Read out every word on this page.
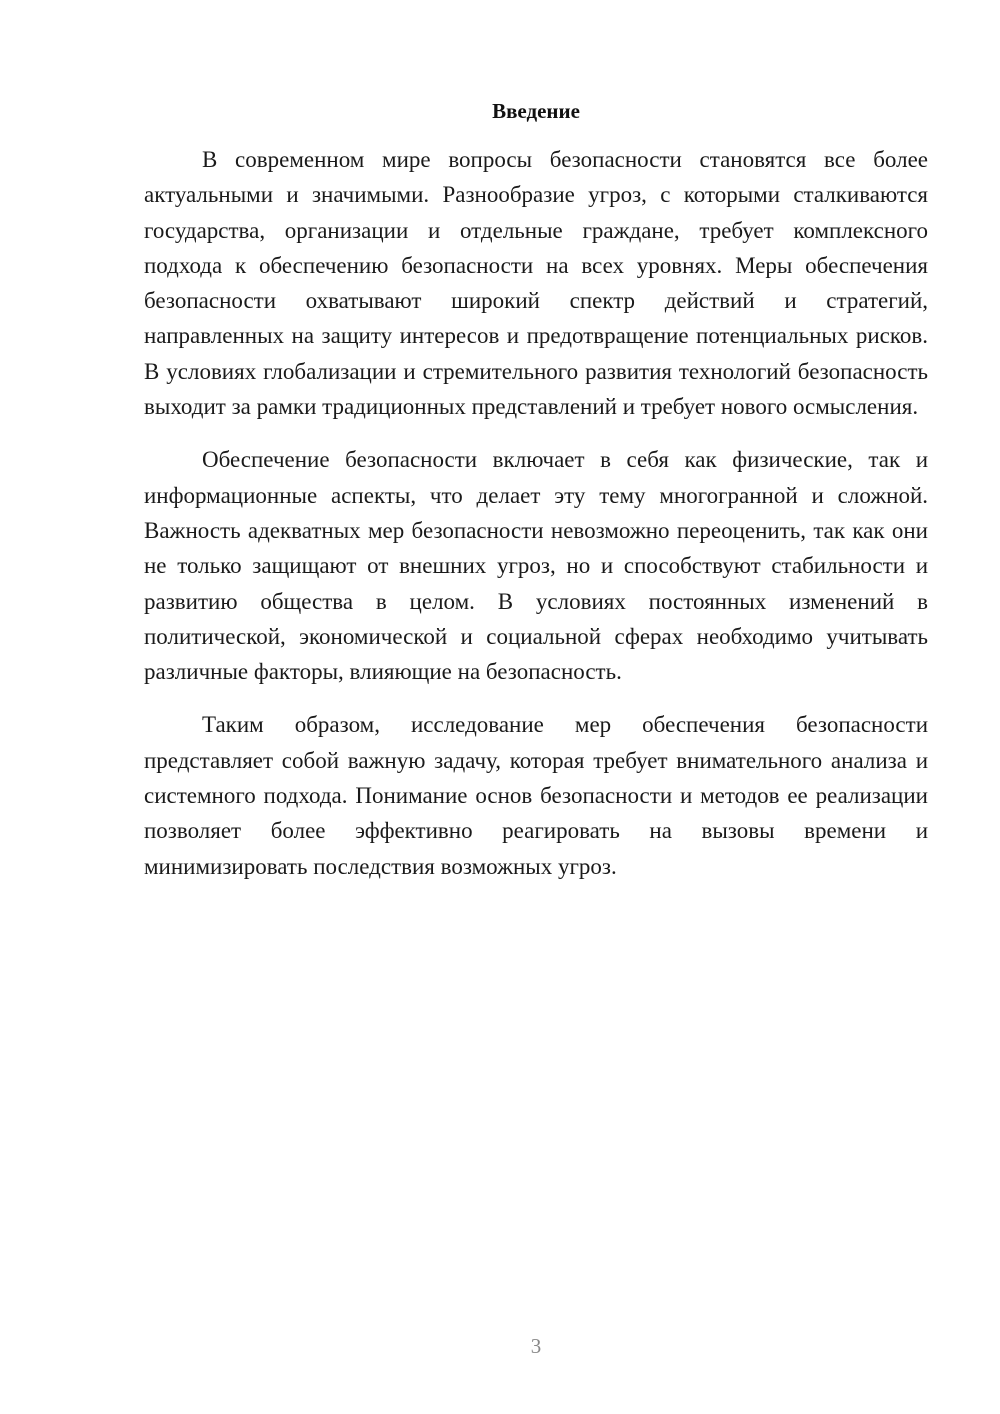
Введение

В современном мире вопросы безопасности становятся все более актуальными и значимыми. Разнообразие угроз, с которыми сталкиваются государства, организации и отдельные граждане, требует комплексного подхода к обеспечению безопасности на всех уровнях. Меры обеспечения безопасности охватывают широкий спектр действий и стратегий, направленных на защиту интересов и предотвращение потенциальных рисков. В условиях глобализации и стремительного развития технологий безопасность выходит за рамки традиционных представлений и требует нового осмысления.

Обеспечение безопасности включает в себя как физические, так и информационные аспекты, что делает эту тему многогранной и сложной. Важность адекватных мер безопасности невозможно переоценить, так как они не только защищают от внешних угроз, но и способствуют стабильности и развитию общества в целом. В условиях постоянных изменений в политической, экономической и социальной сферах необходимо учитывать различные факторы, влияющие на безопасность.

Таким образом, исследование мер обеспечения безопасности представляет собой важную задачу, которая требует внимательного анализа и системного подхода. Понимание основ безопасности и методов ее реализации позволяет более эффективно реагировать на вызовы времени и минимизировать последствия возможных угроз.

3
